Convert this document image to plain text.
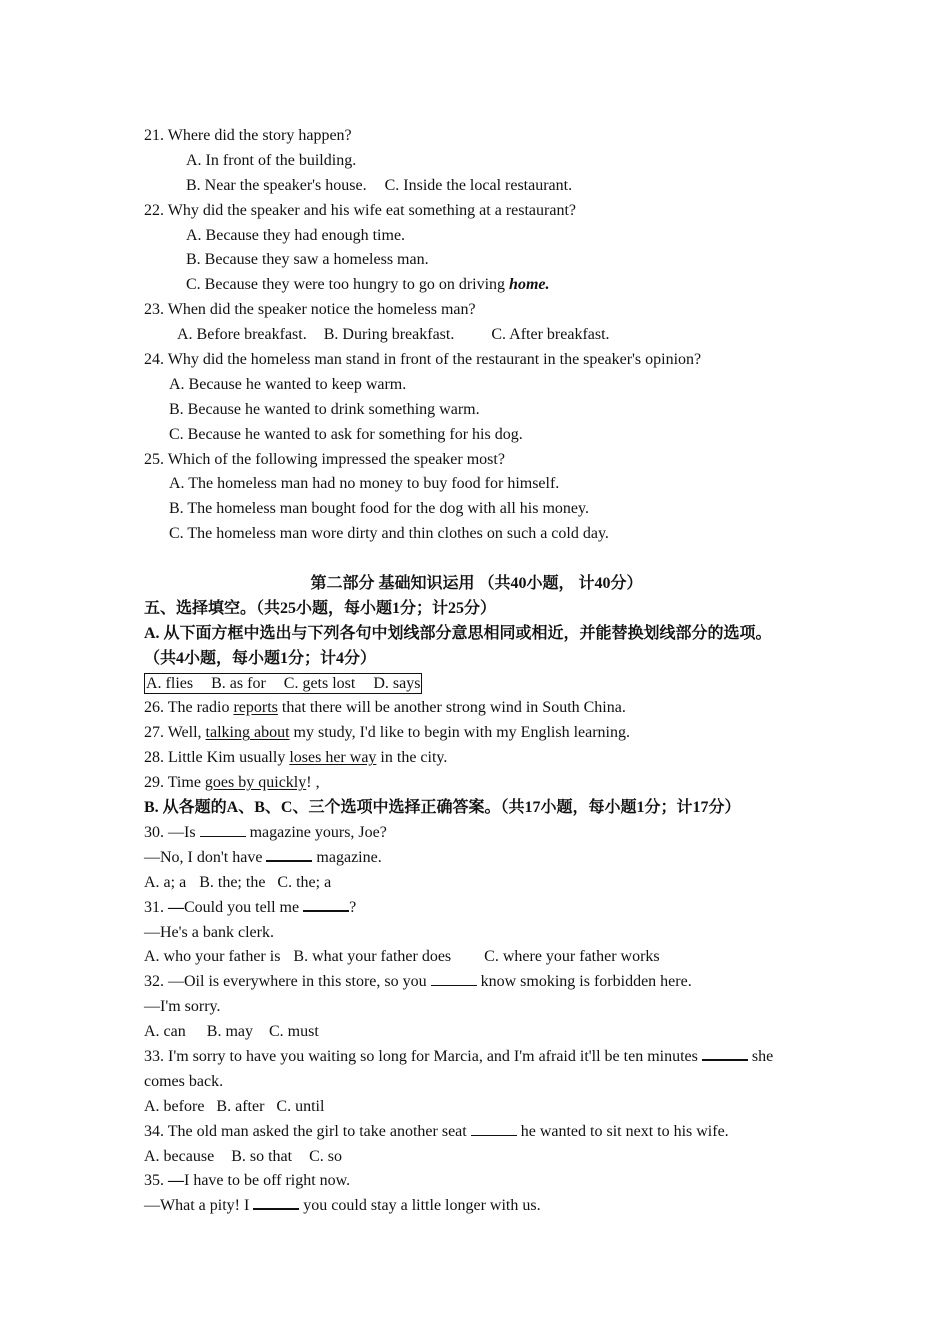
21. Where did the story happen?
A. In front of the building.
B. Near the speaker's house. C. Inside the local restaurant.
22. Why did the speaker and his wife eat something at a restaurant?
A. Because they had enough time.
B. Because they saw a homeless man.
C. Because they were too hungry to go on driving home.
23. When did the speaker notice the homeless man?
A. Before breakfast. B. During breakfast. C. After breakfast.
24. Why did the homeless man stand in front of the restaurant in the speaker's opinion?
A. Because he wanted to keep warm.
B. Because he wanted to drink something warm.
C. Because he wanted to ask for something for his dog.
25. Which of the following impressed the speaker most?
A. The homeless man had no money to buy food for himself.
B. The homeless man bought food for the dog with all his money.
C. The homeless man wore dirty and thin clothes on such a cold day.
第二部分 基础知识运用 （共40小题， 计40分）
五、选择填空。（共25小题，每小题1分；计25分）
A. 从下面方框中选出与下列各句中划线部分意思相同或相近，并能替换划线部分的选项。
（共4小题，每小题1分；计4分）
A. flies B. as for C. gets lost D. says
26. The radio reports that there will be another strong wind in South China.
27. Well, talking about my study, I'd like to begin with my English learning.
28. Little Kim usually loses her way in the city.
29. Time goes by quickly! ,
B. 从各题的A、B、C、三个选项中选择正确答案。（共17小题，每小题1分；计17分）
30. —Is	magazine yours, Joe?
—No, I don't have	magazine.
A. a; a B. the; the C. the; a
31. —Could you tell me	?
—He's a bank clerk.
A. who your father is B. what your father does C. where your father works
32. —Oil is everywhere in this store, so you	know smoking is forbidden here.
—I'm sorry.
A. can B. may C. must
33. I'm sorry to have you waiting so long for Marcia, and I'm afraid it'll be ten minutes	she
comes back.
A. before B. after C. until
34. The old man asked the girl to take another seat	he wanted to sit next to his wife.
A. because B. so that C. so
35. —I have to be off right now.
—What a pity! I	you could stay a little longer with us.
